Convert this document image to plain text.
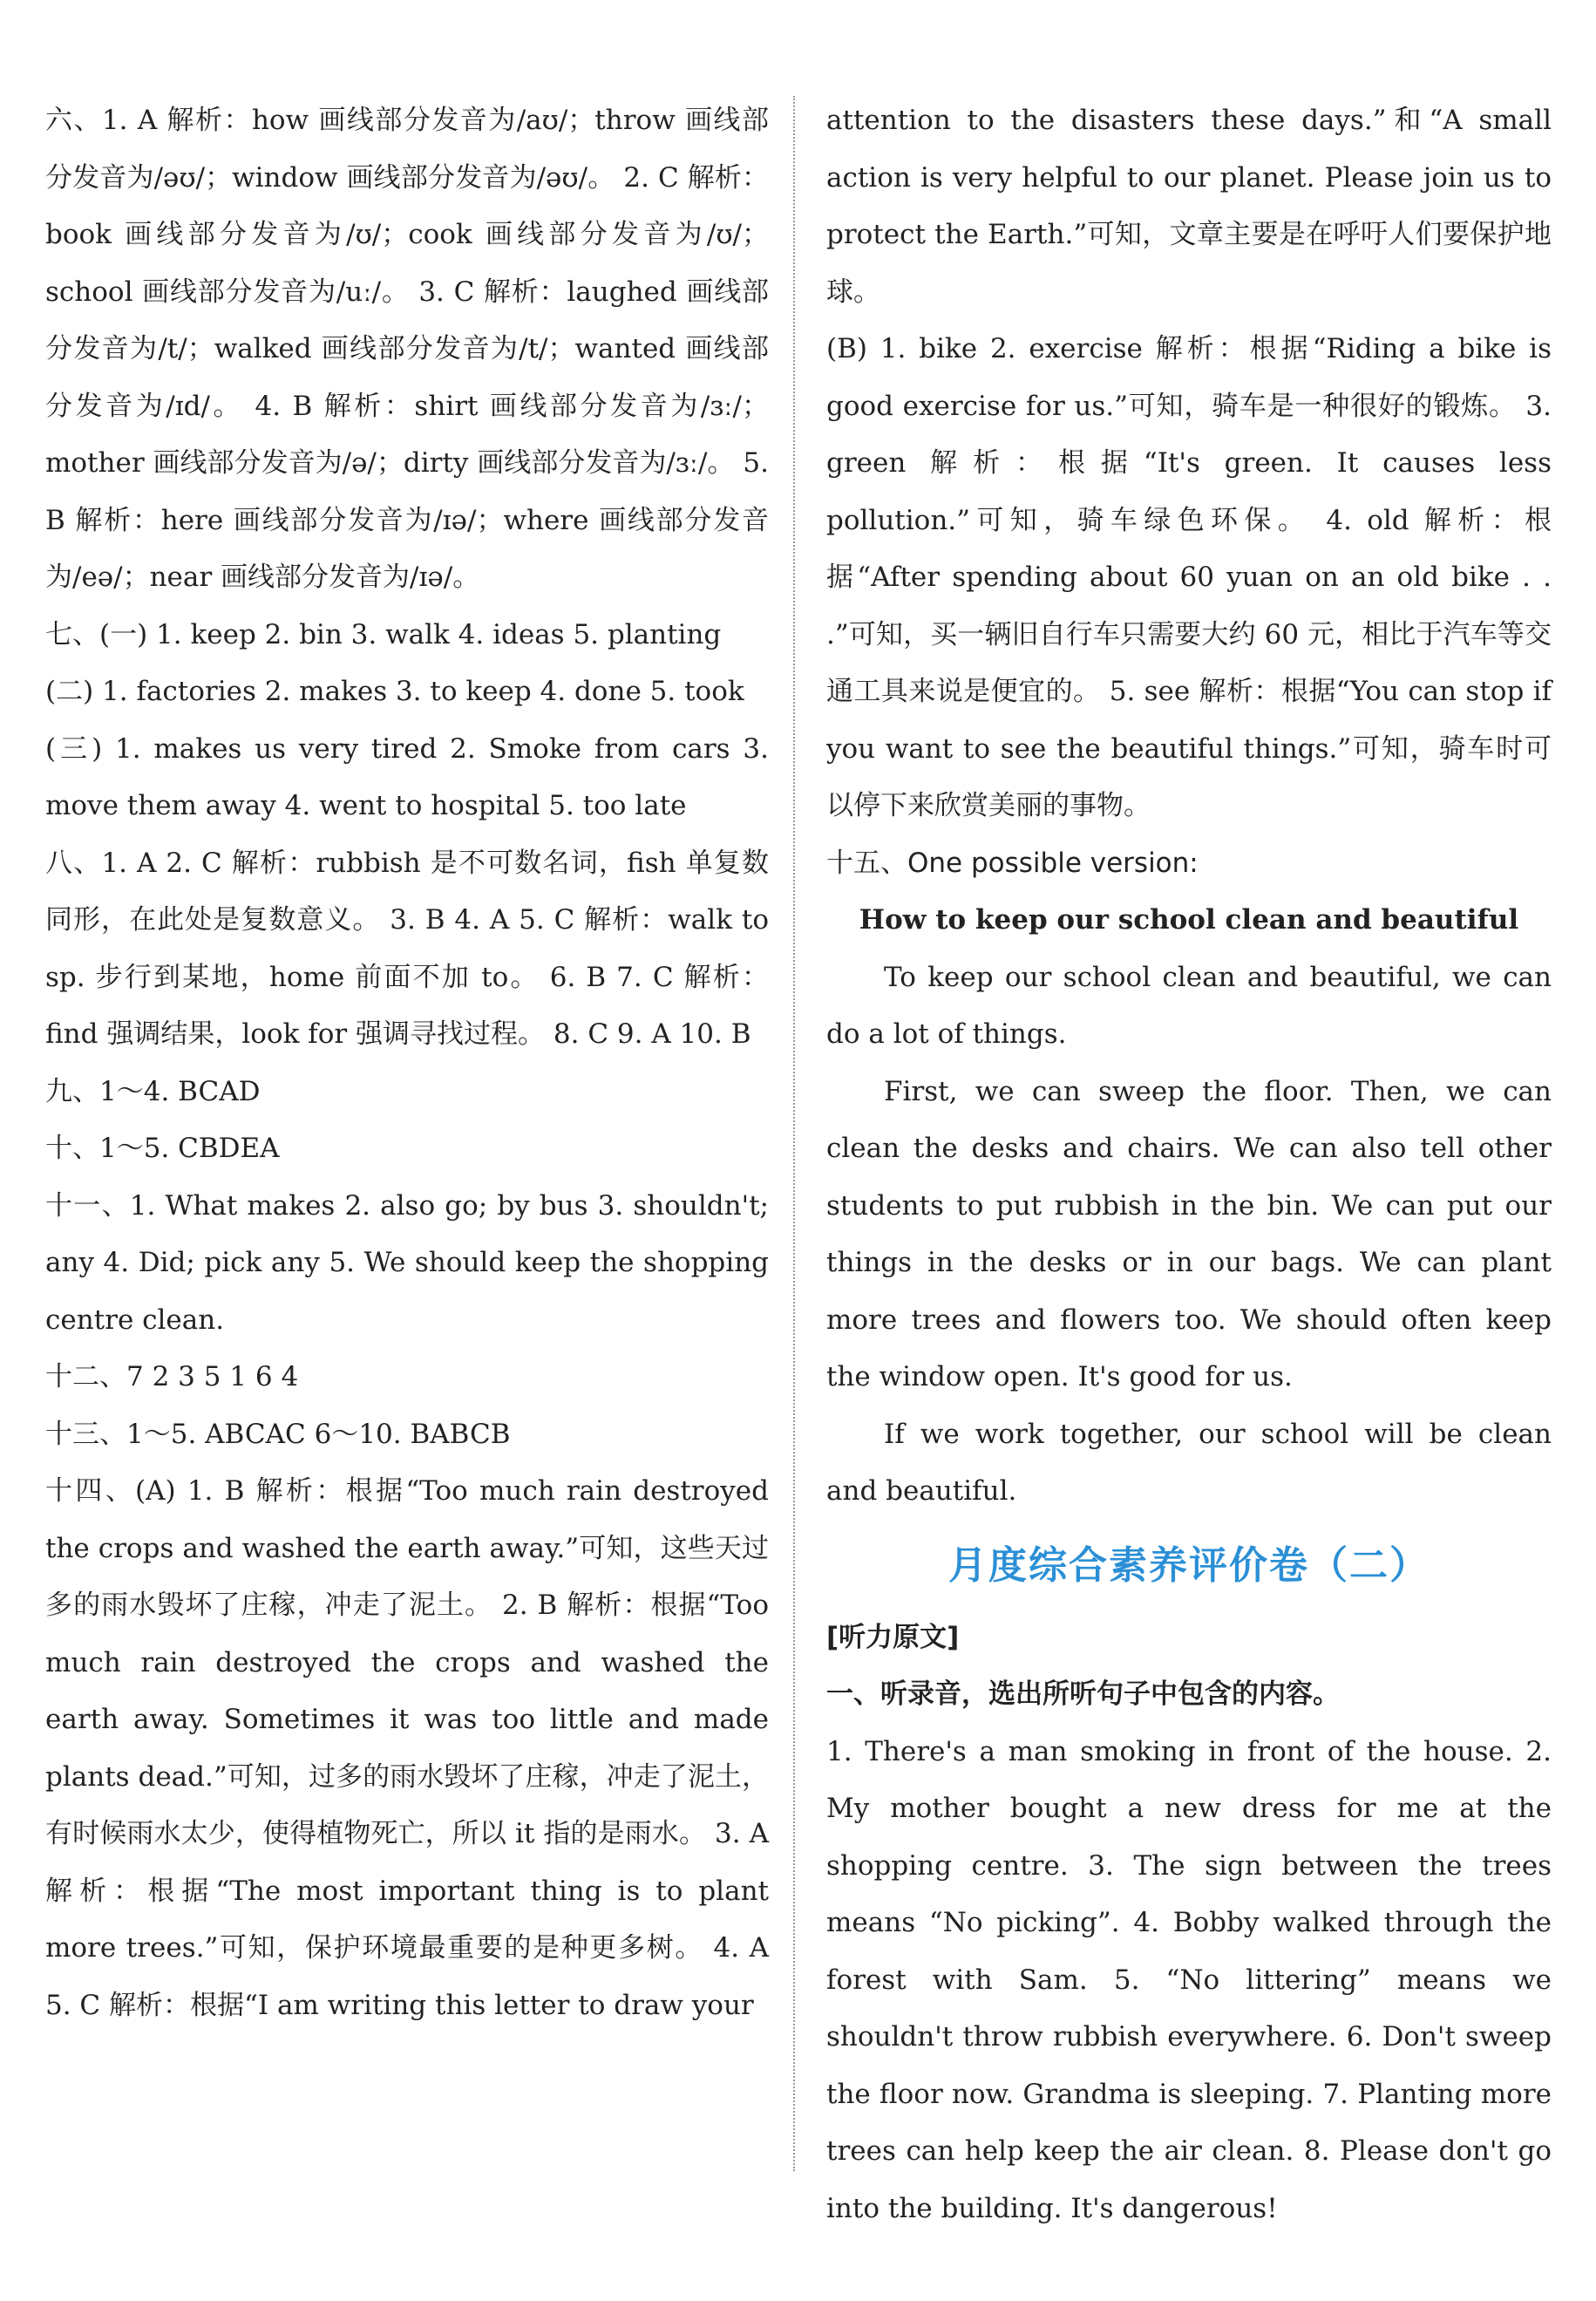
六、1. A 解析：how 画线部分发音为/aʊ/；throw 画线部分发音为/əʊ/；window 画线部分发音为/əʊ/。 2. C 解析：book 画线部分发音为/ʊ/；cook 画线部分发音为/ʊ/；school 画线部分发音为/uː/。 3. C 解析：laughed 画线部分发音为/t/；walked 画线部分发音为/t/；wanted 画线部分发音为/ɪd/。 4. B 解析：shirt 画线部分发音为/ɜː/；mother 画线部分发音为/ə/；dirty 画线部分发音为/ɜː/。 5. B 解析：here 画线部分发音为/ɪə/；where 画线部分发音为/eə/；near 画线部分发音为/ɪə/。

七、(一) 1. keep 2. bin 3. walk 4. ideas 5. planting

(二) 1. factories 2. makes 3. to keep 4. done 5. took

(三) 1. makes us very tired 2. Smoke from cars 3. move them away 4. went to hospital 5. too late

八、1. A 2. C 解析：rubbish 是不可数名词，fish 单复数同形，在此处是复数意义。 3. B 4. A 5. C 解析：walk to sp. 步行到某地，home 前面不加 to。 6. B 7. C 解析：find 强调结果，look for 强调寻找过程。 8. C 9. A 10. B

九、1～4. BCAD

十、1～5. CBDEA

十一、1. What makes 2. also go; by bus 3. shouldn't; any 4. Did; pick any 5. We should keep the shopping centre clean.

十二、7 2 3 5 1 6 4

十三、1～5. ABCAC 6～10. BABCB

十四、(A) 1. B 解析：根据“Too much rain destroyed the crops and washed the earth away.”可知，这些天过多的雨水毁坏了庄稼，冲走了泥土。 2. B 解析：根据“Too much rain destroyed the crops and washed the earth away. Sometimes it was too little and made plants dead.”可知，过多的雨水毁坏了庄稼，冲走了泥土，有时候雨水太少，使得植物死亡，所以 it 指的是雨水。 3. A 解析：根据“The most important thing is to plant more trees.”可知，保护环境最重要的是种更多树。 4. A 5. C 解析：根据“I am writing this letter to draw your

attention to the disasters these days.”和“A small action is very helpful to our planet. Please join us to protect the Earth.”可知，文章主要是在呼吁人们要保护地球。

(B) 1. bike 2. exercise 解析：根据“Riding a bike is good exercise for us.”可知，骑车是一种很好的锻炼。 3. green 解析：根据“It's green. It causes less pollution.”可知，骑车绿色环保。 4. old 解析：根据“After spending about 60 yuan on an old bike . . .”可知，买一辆旧自行车只需要大约 60 元，相比于汽车等交通工具来说是便宜的。 5. see 解析：根据“You can stop if you want to see the beautiful things.”可知，骑车时可以停下来欣赏美丽的事物。

十五、One possible version:

How to keep our school clean and beautiful

To keep our school clean and beautiful, we can do a lot of things.

First, we can sweep the floor. Then, we can clean the desks and chairs. We can also tell other students to put rubbish in the bin. We can put our things in the desks or in our bags. We can plant more trees and flowers too. We should often keep the window open. It's good for us.

If we work together, our school will be clean and beautiful.

月度综合素养评价卷（二）

[听力原文]

一、听录音，选出所听句子中包含的内容。

1. There's a man smoking in front of the house. 2. My mother bought a new dress for me at the shopping centre. 3. The sign between the trees means “No picking”. 4. Bobby walked through the forest with Sam. 5. “No littering” means we shouldn't throw rubbish everywhere. 6. Don't sweep the floor now. Grandma is sleeping. 7. Planting more trees can help keep the air clean. 8. Please don't go into the building. It's dangerous!
